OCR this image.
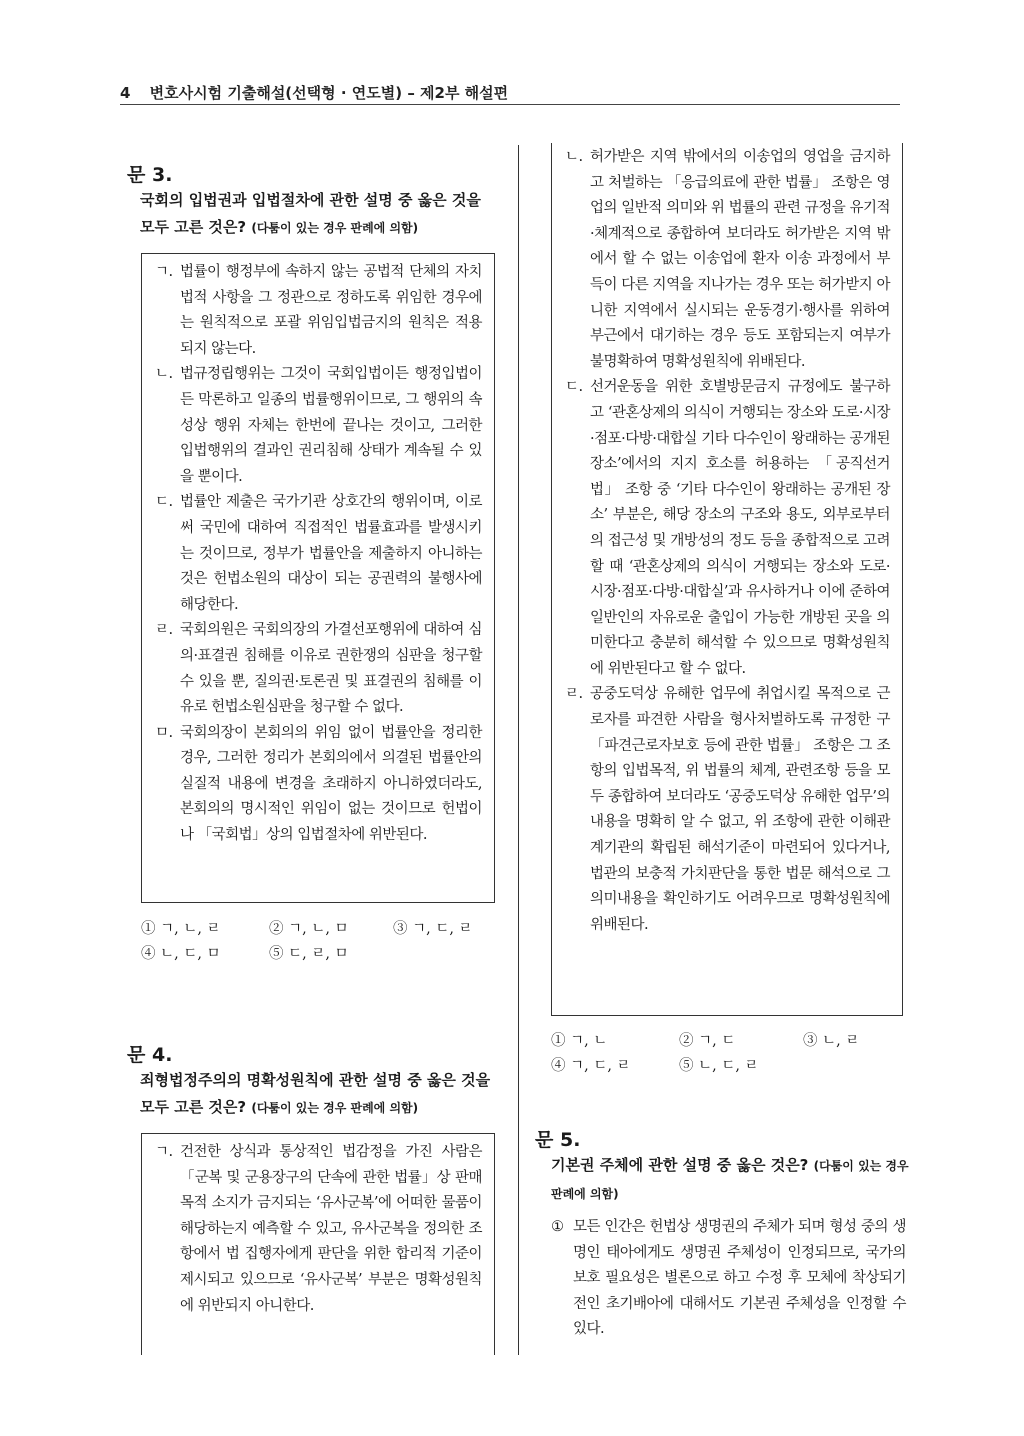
4 변호사시험 기출해설(선택형 · 연도별) – 제2부 해설편
문 3.
국회의 입법권과 입법절차에 관한 설명 중 옳은 것을 모두 고른 것은? (다툼이 있는 경우 판례에 의함)
ㄱ. 법률이 행정부에 속하지 않는 공법적 단체의 자치법적 사항을 그 정관으로 정하도록 위임한 경우에는 원칙적으로 포괄 위임입법금지의 원칙은 적용되지 않는다.
ㄴ. 법규정립행위는 그것이 국회입법이든 행정입법이든 막론하고 일종의 법률행위이므로, 그 행위의 속성상 행위 자체는 한번에 끝나는 것이고, 그러한 입법행위의 결과인 권리침해 상태가 계속될 수 있을 뿐이다.
ㄷ. 법률안 제출은 국가기관 상호간의 행위이며, 이로써 국민에 대하여 직접적인 법률효과를 발생시키는 것이므로, 정부가 법률안을 제출하지 아니하는 것은 헌법소원의 대상이 되는 공권력의 불행사에 해당한다.
ㄹ. 국회의원은 국회의장의 가결선포행위에 대하여 심의·표결권 침해를 이유로 권한쟁의 심판을 청구할 수 있을 뿐, 질의권·토론권 및 표결권의 침해를 이유로 헌법소원심판을 청구할 수 없다.
ㅁ. 국회의장이 본회의의 위임 없이 법률안을 정리한 경우, 그러한 정리가 본회의에서 의결된 법률안의 실질적 내용에 변경을 초래하지 아니하였더라도, 본회의의 명시적인 위임이 없는 것이므로 헌법이나 「국회법」상의 입법절차에 위반된다.
① ㄱ, ㄴ, ㄹ	② ㄱ, ㄴ, ㅁ	③ ㄱ, ㄷ, ㄹ
④ ㄴ, ㄷ, ㅁ	⑤ ㄷ, ㄹ, ㅁ
문 4.
죄형법정주의의 명확성원칙에 관한 설명 중 옳은 것을 모두 고른 것은? (다툼이 있는 경우 판례에 의함)
ㄱ. 건전한 상식과 통상적인 법감정을 가진 사람은 「군복 및 군용장구의 단속에 관한 법률」상 판매목적 소지가 금지되는 ‘유사군복’에 어떠한 물품이 해당하는지 예측할 수 있고, 유사군복을 정의한 조항에서 법 집행자에게 판단을 위한 합리적 기준이 제시되고 있으므로 ‘유사군복’ 부분은 명확성원칙에 위반되지 아니한다.
ㄴ. 허가받은 지역 밖에서의 이송업의 영업을 금지하고 처벌하는 「응급의료에 관한 법률」 조항은 영업의 일반적 의미와 위 법률의 관련 규정을 유기적·체계적으로 종합하여 보더라도 허가받은 지역 밖에서 할 수 없는 이송업에 환자 이송 과정에서 부득이 다른 지역을 지나가는 경우 또는 허가받지 아니한 지역에서 실시되는 운동경기·행사를 위하여 부근에서 대기하는 경우 등도 포함되는지 여부가 불명확하여 명확성원칙에 위배된다.
ㄷ. 선거운동을 위한 호별방문금지 규정에도 불구하고 ‘관혼상제의 의식이 거행되는 장소와 도로·시장·점포·다방·대합실 기타 다수인이 왕래하는 공개된 장소’에서의 지지 호소를 허용하는 「공직선거법」 조항 중 ‘기타 다수인이 왕래하는 공개된 장소’ 부분은, 해당 장소의 구조와 용도, 외부로부터의 접근성 및 개방성의 정도 등을 종합적으로 고려할 때 ‘관혼상제의 의식이 거행되는 장소와 도로·시장·점포·다방·대합실’과 유사하거나 이에 준하여 일반인의 자유로운 출입이 가능한 개방된 곳을 의미한다고 충분히 해석할 수 있으므로 명확성원칙에 위반된다고 할 수 없다.
ㄹ. 공중도덕상 유해한 업무에 취업시킬 목적으로 근로자를 파견한 사람을 형사처벌하도록 규정한 구 「파견근로자보호 등에 관한 법률」 조항은 그 조항의 입법목적, 위 법률의 체계, 관련조항 등을 모두 종합하여 보더라도 ‘공중도덕상 유해한 업무’의 내용을 명확히 알 수 없고, 위 조항에 관한 이해관계기관의 확립된 해석기준이 마련되어 있다거나, 법관의 보충적 가치판단을 통한 법문 해석으로 그 의미내용을 확인하기도 어려우므로 명확성원칙에 위배된다.
① ㄱ, ㄴ	② ㄱ, ㄷ	③ ㄴ, ㄹ
④ ㄱ, ㄷ, ㄹ	⑤ ㄴ, ㄷ, ㄹ
문 5.
기본권 주체에 관한 설명 중 옳은 것은? (다툼이 있는 경우 판례에 의함)
① 모든 인간은 헌법상 생명권의 주체가 되며 형성 중의 생명인 태아에게도 생명권 주체성이 인정되므로, 국가의 보호 필요성은 별론으로 하고 수정 후 모체에 착상되기 전인 초기배아에 대해서도 기본권 주체성을 인정할 수 있다.
